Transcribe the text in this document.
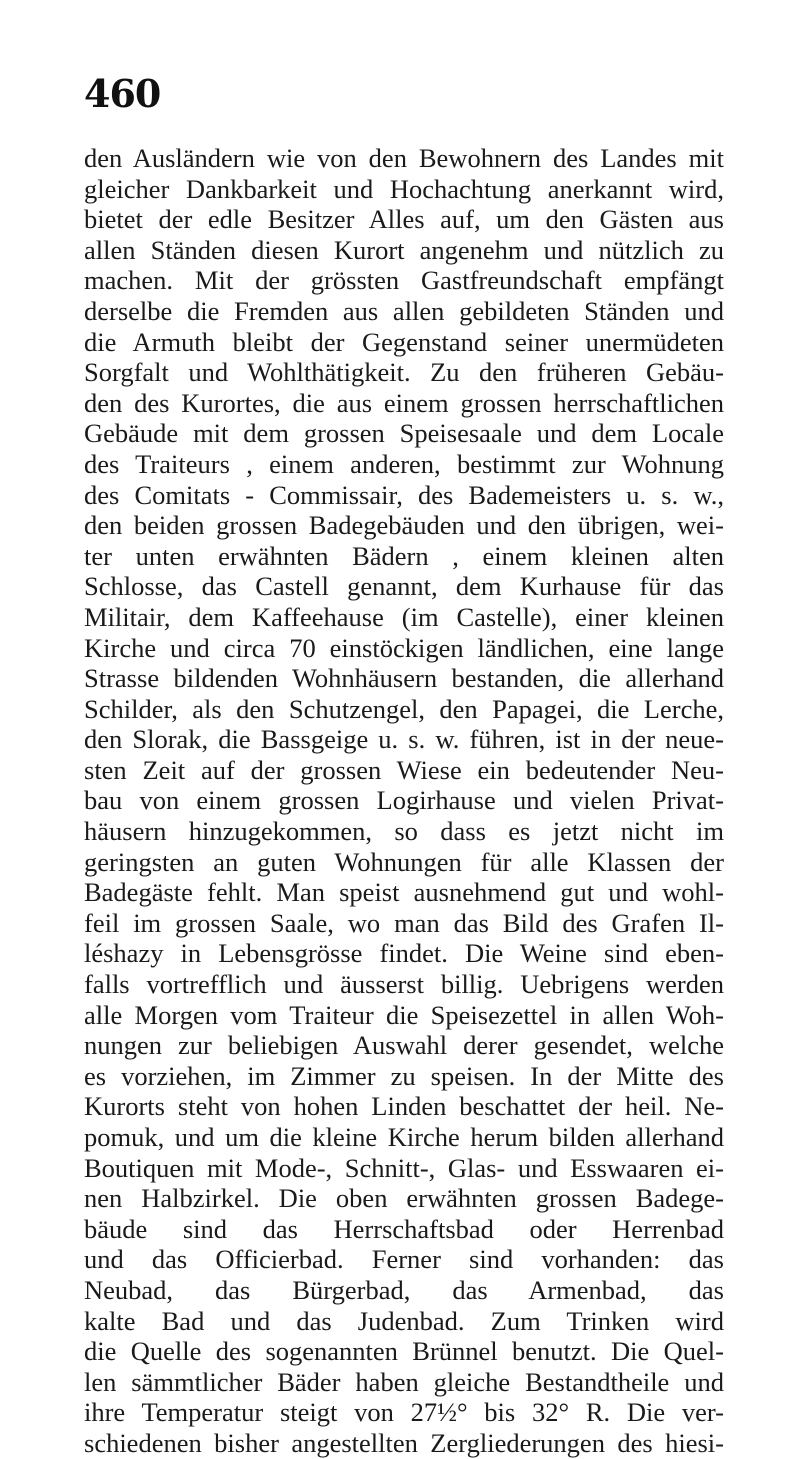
460
den Ausländern wie von den Bewohnern des Landes mit
gleicher Dankbarkeit und Hochachtung anerkannt wird,
bietet der edle Besitzer Alles auf, um den Gästen aus
allen Ständen diesen Kurort angenehm und nützlich zu
machen. Mit der grössten Gastfreundschaft empfängt
derselbe die Fremden aus allen gebildeten Ständen und
die Armuth bleibt der Gegenstand seiner unermüdeten
Sorgfalt und Wohlthätigkeit. Zu den früheren Gebäu-
den des Kurortes, die aus einem grossen herrschaftlichen
Gebäude mit dem grossen Speisesaale und dem Locale
des Traiteurs , einem anderen, bestimmt zur Wohnung
des Comitats - Commissair, des Bademeisters u. s. w.,
den beiden grossen Badegebäuden und den übrigen, wei-
ter unten erwähnten Bädern , einem kleinen alten
Schlosse, das Castell genannt, dem Kurhause für das
Militair, dem Kaffeehause (im Castelle), einer kleinen
Kirche und circa 70 einstöckigen ländlichen, eine lange
Strasse bildenden Wohnhäusern bestanden, die allerhand
Schilder, als den Schutzengel, den Papagei, die Lerche,
den Slorak, die Bassgeige u. s. w. führen, ist in der neue-
sten Zeit auf der grossen Wiese ein bedeutender Neu-
bau von einem grossen Logirhause und vielen Privat-
häusern hinzugekommen, so dass es jetzt nicht im
geringsten an guten Wohnungen für alle Klassen der
Badegäste fehlt. Man speist ausnehmend gut und wohl-
feil im grossen Saale, wo man das Bild des Grafen Il-
léshazy in Lebensgrösse findet. Die Weine sind eben-
falls vortrefflich und äusserst billig. Uebrigens werden
alle Morgen vom Traiteur die Speisezettel in allen Woh-
nungen zur beliebigen Auswahl derer gesendet, welche
es vorziehen, im Zimmer zu speisen. In der Mitte des
Kurorts steht von hohen Linden beschattet der heil. Ne-
pomuk, und um die kleine Kirche herum bilden allerhand
Boutiquen mit Mode-, Schnitt-, Glas- und Esswaaren ei-
nen Halbzirkel. Die oben erwähnten grossen Badege-
bäude sind das Herrschaftsbad oder Herrenbad
und das Officierbad. Ferner sind vorhanden: das
Neubad, das Bürgerbad, das Armenbad, das
kalte Bad und das Judenbad. Zum Trinken wird
die Quelle des sogenannten Brünnel benutzt. Die Quel-
len sämmtlicher Bäder haben gleiche Bestandtheile und
ihre Temperatur steigt von 27½° bis 32° R. Die ver-
schiedenen bisher angestellten Zergliederungen des hiesi-
